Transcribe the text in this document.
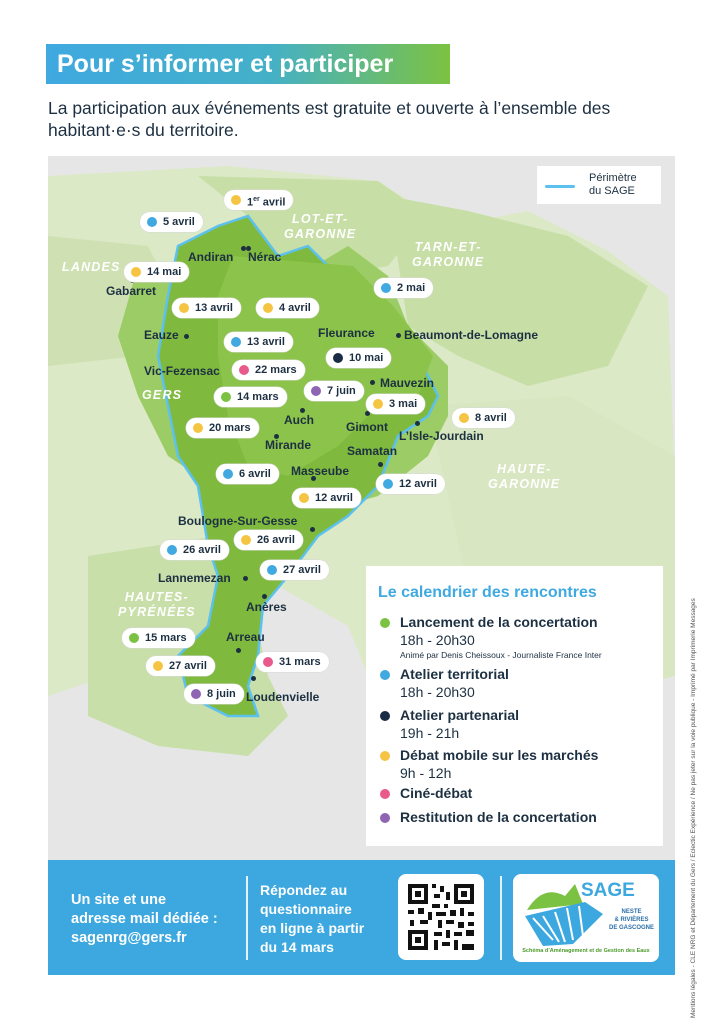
Pour s’informer et participer
La participation aux événements est gratuite et ouverte à l’ensemble des habitant·e·s du territoire.
LOT-ET-
GARONNE
TARN-ET-
GARONNE
LANDES
GERS
HAUTE-
GARONNE
HAUTES-
PYRÉNÉES
Périmètre
du SAGE
Andiran Nérac
Gabarret
Eauze	Fleurance Beaumont-de-Lomagne
Vic-Fezensac
Mauvezin
Auch	Gimont
L’Isle-Jourdain
Mirande	Samatan
Masseube
Boulogne-Sur-Gesse
Lannemezan
Anères
Arreau
Loudenvielle
1er avril
5 avril
14 mai
13 avril	4 avril
2 mai
13 avril
22 mars
10 mai
7 juin
14 mars
3 mai
8 avril
20 mars
6 avril
12 avril
12 avril
26 avril
26 avril
27 avril
15 mars
31 mars
27 avril
8 juin
Le calendrier des rencontres
Lancement de la concertation
18h - 20h30
Animé par Denis Cheissoux - Journaliste France Inter
Atelier territorial
18h - 20h30
Atelier partenarial
19h - 21h
Débat mobile sur les marchés
9h - 12h
Ciné-débat
Restitution de la concertation
Un site et une
adresse mail dédiée :
sagenrg@gers.fr
Répondez au
questionnaire
en ligne à partir
du 14 mars
SAGE
NESTE
& RIVIÈRES
DE GASCOGNE
Schéma d’Aménagement et de Gestion des Eaux	Mentions légales - CLE NRG et Département du Gers / Eclectic Expérience / Ne pas jeter sur la voie publique - Imprimé par Imprimerie Messages
